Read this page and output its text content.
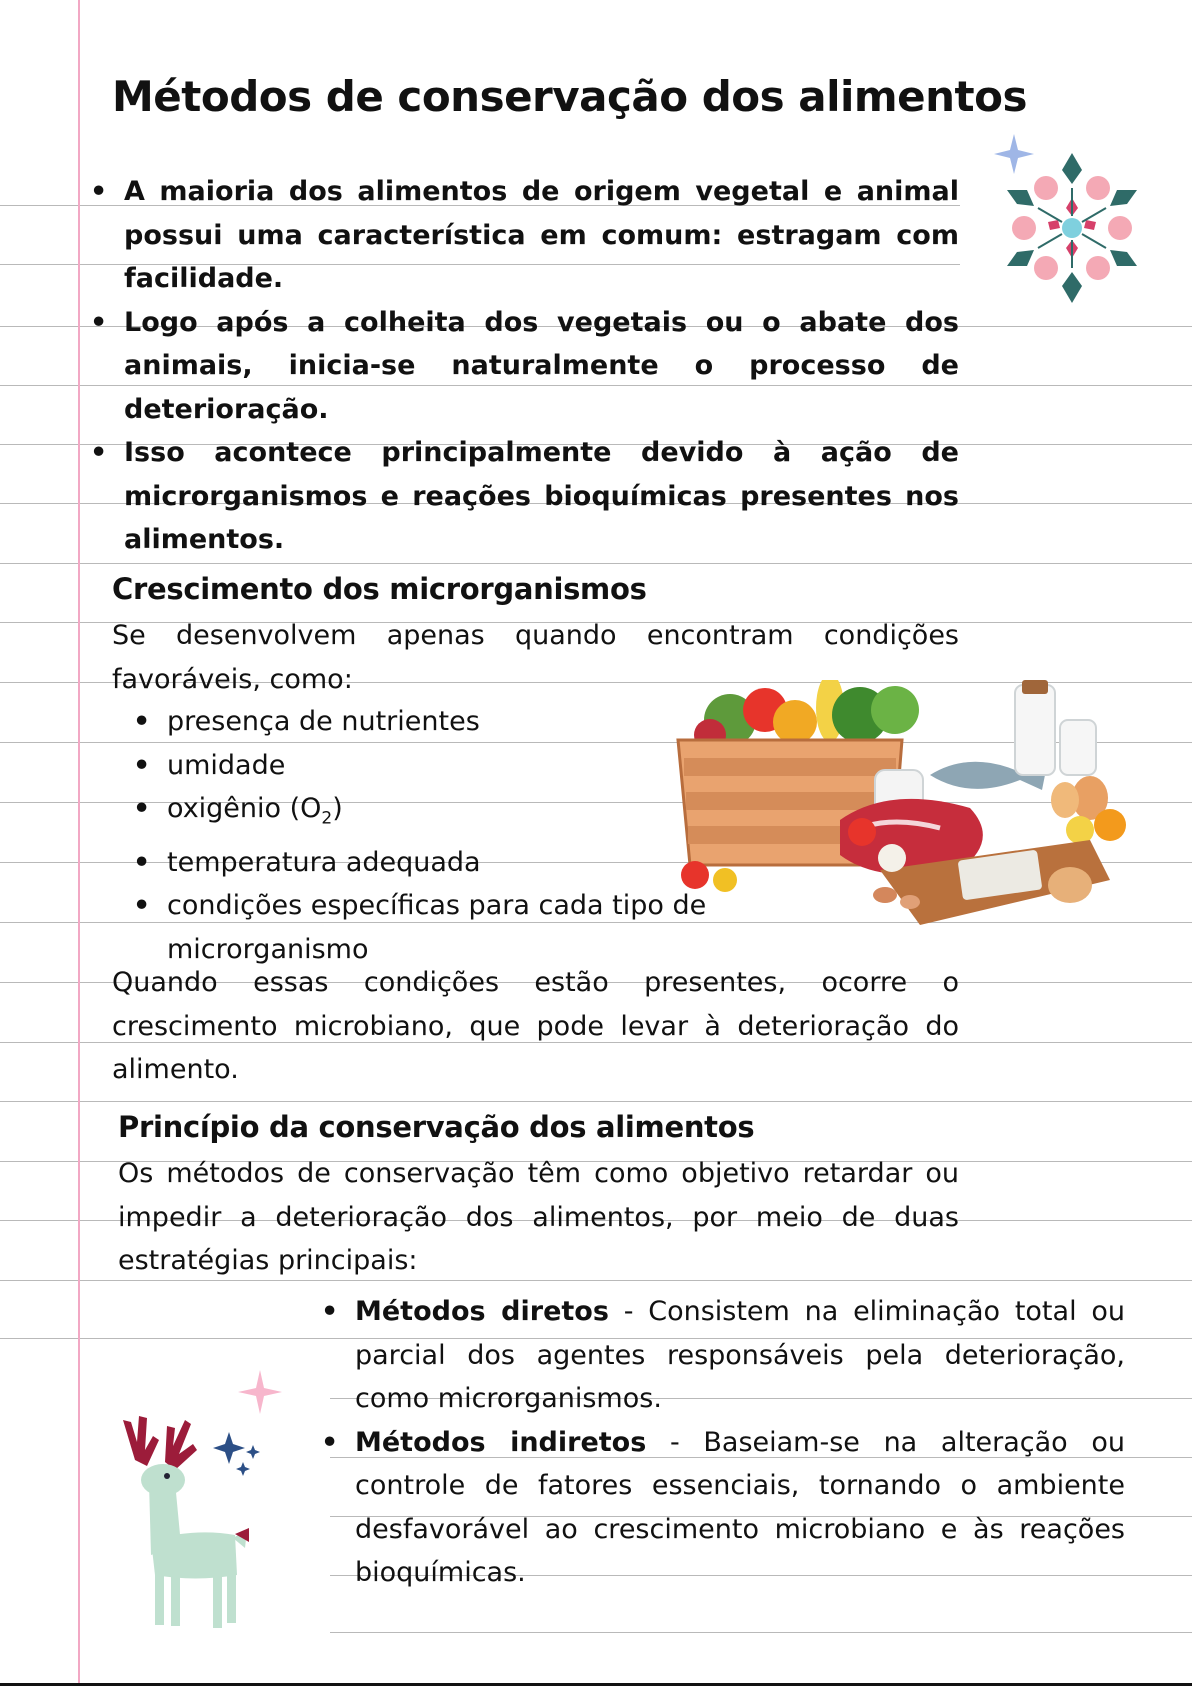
Métodos de conservação dos alimentos
• A maioria dos alimentos de origem vegetal e animal possui uma característica em comum: estragam com facilidade.
• Logo após a colheita dos vegetais ou o abate dos animais, inicia-se naturalmente o processo de deterioração.
• Isso acontece principalmente devido à ação de microrganismos e reações bioquímicas presentes nos alimentos.
Crescimento dos microrganismos

Se desenvolvem apenas quando encontram condições favoráveis, como:

• presença de nutrientes
• umidade
• oxigênio $(O_2)$
• temperatura adequada
• condições específicas para cada tipo de microrganismo

Quando essas condições estão presentes, ocorre o crescimento microbiano, que pode levar à deterioração do alimento.

Princípio da conservação dos alimentos

Os métodos de conservação têm como objetivo retardar ou impedir a deterioração dos alimentos, por meio de duas estratégias principais:

• Métodos diretos - Consistem na eliminação total ou parcial dos agentes responsáveis pela deterioração, como microrganismos.
• Métodos indiretos - Baseiam-se na alteração ou controle de fatores essenciais, tornando o ambiente desfavorável ao crescimento microbiano e às reações bioquímicas.
